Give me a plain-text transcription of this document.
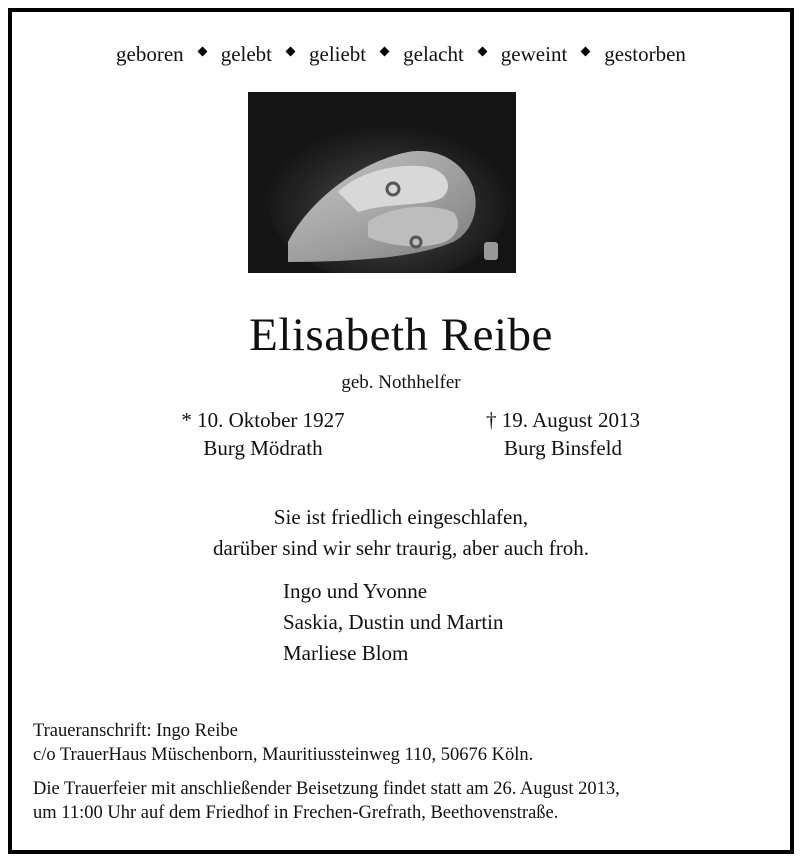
geboren	gelebt	geliebt	gelacht	geweint	gestorben
Elisabeth Reibe
geb. Nothhelfer
* 10. Oktober 1927
Burg Mödrath
† 19. August 2013
Burg Binsfeld
Sie ist friedlich eingeschlafen,
darüber sind wir sehr traurig, aber auch froh.
Ingo und Yvonne
Saskia, Dustin und Martin
Marliese Blom
Traueranschrift: Ingo Reibe
c/o TrauerHaus Müschenborn, Mauritiussteinweg 110, 50676 Köln.
Die Trauerfeier mit anschließender Beisetzung findet statt am 26. August 2013,
um 11:00 Uhr auf dem Friedhof in Frechen-Grefrath, Beethovenstraße.
